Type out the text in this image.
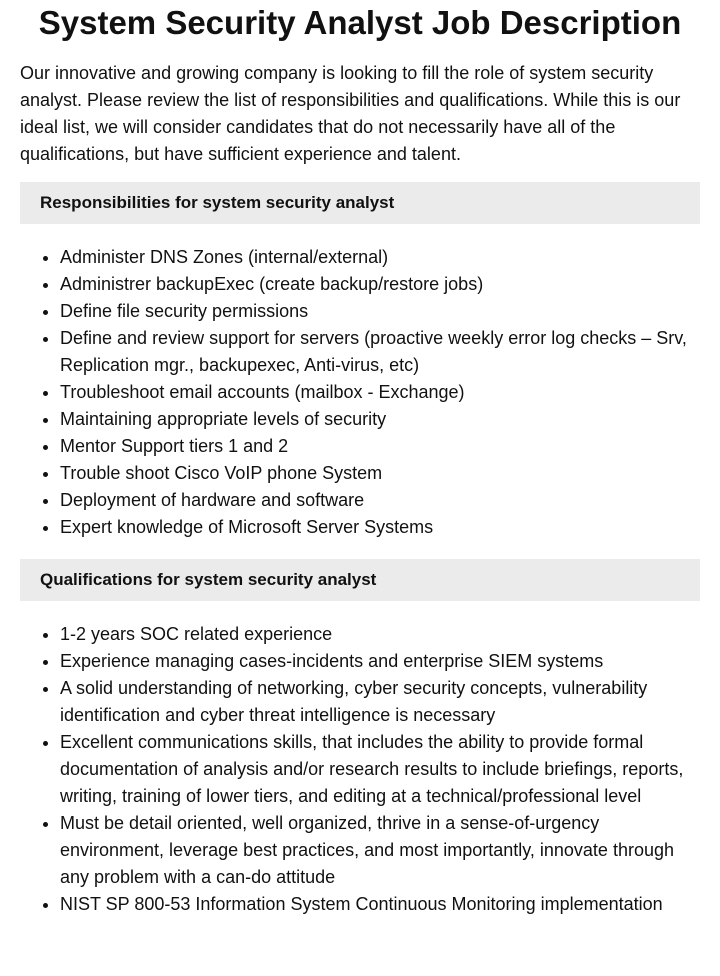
System Security Analyst Job Description

Our innovative and growing company is looking to fill the role of system security analyst. Please review the list of responsibilities and qualifications. While this is our ideal list, we will consider candidates that do not necessarily have all of the qualifications, but have sufficient experience and talent.

Responsibilities for system security analyst
• Administer DNS Zones (internal/external)
• Administrer backupExec (create backup/restore jobs)
• Define file security permissions
• Define and review support for servers (proactive weekly error log checks – Srv, Replication mgr., backupexec, Anti-virus, etc)
• Troubleshoot email accounts (mailbox - Exchange)
• Maintaining appropriate levels of security
• Mentor Support tiers 1 and 2
• Trouble shoot Cisco VoIP phone System
• Deployment of hardware and software
• Expert knowledge of Microsoft Server Systems
Qualifications for system security analyst
• 1-2 years SOC related experience
• Experience managing cases-incidents and enterprise SIEM systems
• A solid understanding of networking, cyber security concepts, vulnerability identification and cyber threat intelligence is necessary
• Excellent communications skills, that includes the ability to provide formal documentation of analysis and/or research results to include briefings, reports, writing, training of lower tiers, and editing at a technical/professional level
• Must be detail oriented, well organized, thrive in a sense-of-urgency environment, leverage best practices, and most importantly, innovate through any problem with a can-do attitude
• NIST SP 800-53 Information System Continuous Monitoring implementation
